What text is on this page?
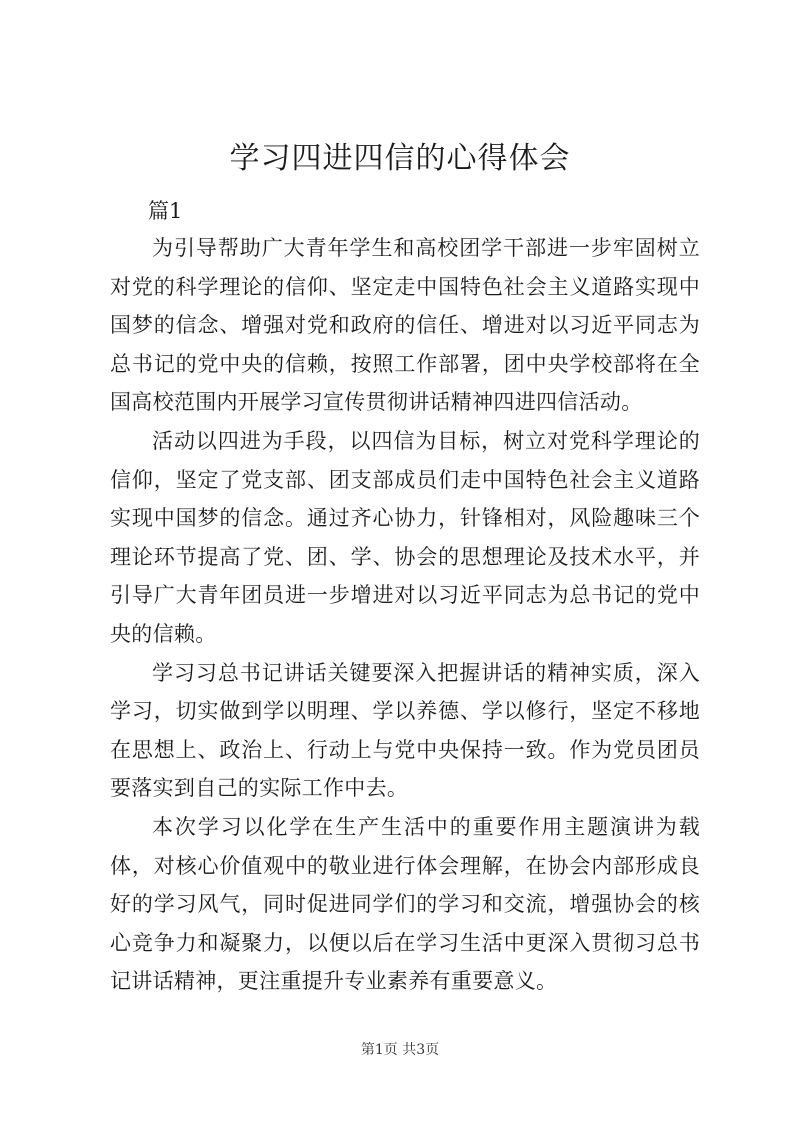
学习四进四信的心得体会

篇1

为引导帮助广大青年学生和高校团学干部进一步牢固树立对党的科学理论的信仰、坚定走中国特色社会主义道路实现中国梦的信念、增强对党和政府的信任、增进对以习近平同志为总书记的党中央的信赖，按照工作部署，团中央学校部将在全国高校范围内开展学习宣传贯彻讲话精神四进四信活动。

活动以四进为手段，以四信为目标，树立对党科学理论的信仰，坚定了党支部、团支部成员们走中国特色社会主义道路实现中国梦的信念。通过齐心协力，针锋相对，风险趣味三个理论环节提高了党、团、学、协会的思想理论及技术水平，并引导广大青年团员进一步增进对以习近平同志为总书记的党中央的信赖。

学习习总书记讲话关键要深入把握讲话的精神实质，深入学习，切实做到学以明理、学以养德、学以修行，坚定不移地在思想上、政治上、行动上与党中央保持一致。作为党员团员要落实到自己的实际工作中去。

本次学习以化学在生产生活中的重要作用主题演讲为载体，对核心价值观中的敬业进行体会理解，在协会内部形成良好的学习风气，同时促进同学们的学习和交流，增强协会的核心竞争力和凝聚力，以便以后在学习生活中更深入贯彻习总书记讲话精神，更注重提升专业素养有重要意义。

第1页 共3页
